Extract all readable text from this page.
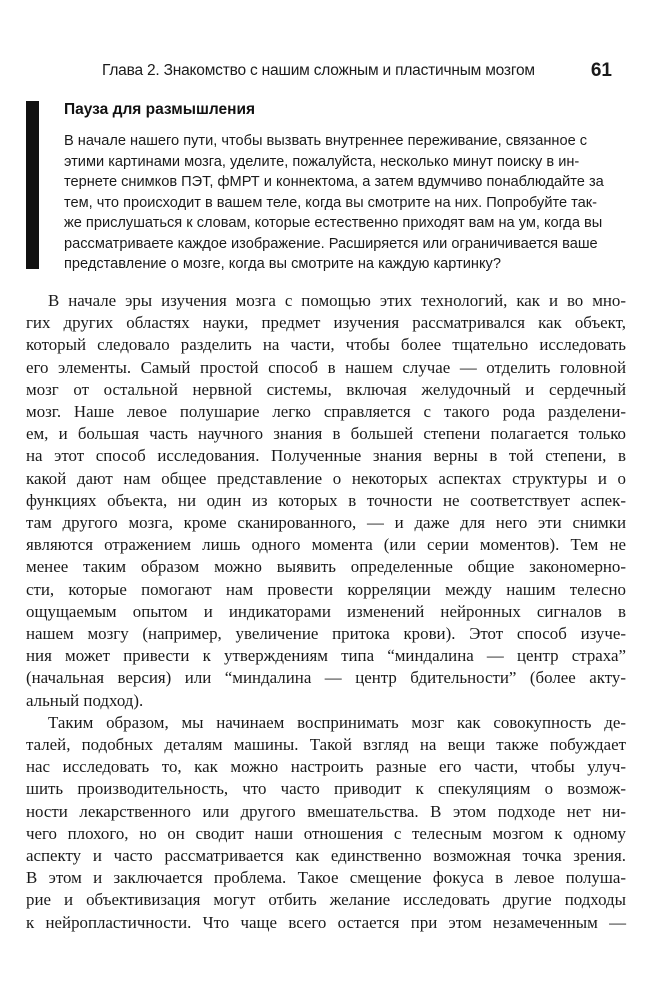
Глава 2. Знакомство с нашим сложным и пластичным мозгом	61
Пауза для размышления
В начале нашего пути, чтобы вызвать внутреннее переживание, связанное с
этими картинами мозга, уделите, пожалуйста, несколько минут поиску в ин-
тернете снимков ПЭТ, фМРТ и коннектома, а затем вдумчиво понаблюдайте за
тем, что происходит в вашем теле, когда вы смотрите на них. Попробуйте так-
же прислушаться к словам, которые естественно приходят вам на ум, когда вы
рассматриваете каждое изображение. Расширяется или ограничивается ваше
представление о мозге, когда вы смотрите на каждую картинку?
В начале эры изучения мозга с помощью этих технологий, как и во мно-
гих других областях науки, предмет изучения рассматривался как объект,
который следовало разделить на части, чтобы более тщательно исследовать
его элементы. Самый простой способ в нашем случае — отделить головной
мозг от остальной нервной системы, включая желудочный и сердечный
мозг. Наше левое полушарие легко справляется с такого рода разделени-
ем, и большая часть научного знания в большей степени полагается только
на этот способ исследования. Полученные знания верны в той степени, в
какой дают нам общее представление о некоторых аспектах структуры и о
функциях объекта, ни один из которых в точности не соответствует аспек-
там другого мозга, кроме сканированного, — и даже для него эти снимки
являются отражением лишь одного момента (или серии моментов). Тем не
менее таким образом можно выявить определенные общие закономерно-
сти, которые помогают нам провести корреляции между нашим телесно
ощущаемым опытом и индикаторами изменений нейронных сигналов в
нашем мозгу (например, увеличение притока крови). Этот способ изуче-
ния может привести к утверждениям типа “миндалина — центр страха”
(начальная версия) или “миндалина — центр бдительности” (более акту-
альный подход).
Таким образом, мы начинаем воспринимать мозг как совокупность де-
талей, подобных деталям машины. Такой взгляд на вещи также побуждает
нас исследовать то, как можно настроить разные его части, чтобы улуч-
шить производительность, что часто приводит к спекуляциям о возмож-
ности лекарственного или другого вмешательства. В этом подходе нет ни-
чего плохого, но он сводит наши отношения с телесным мозгом к одному
аспекту и часто рассматривается как единственно возможная точка зрения.
В этом и заключается проблема. Такое смещение фокуса в левое полуша-
рие и объективизация могут отбить желание исследовать другие подходы
к нейропластичности. Что чаще всего остается при этом незамеченным —
